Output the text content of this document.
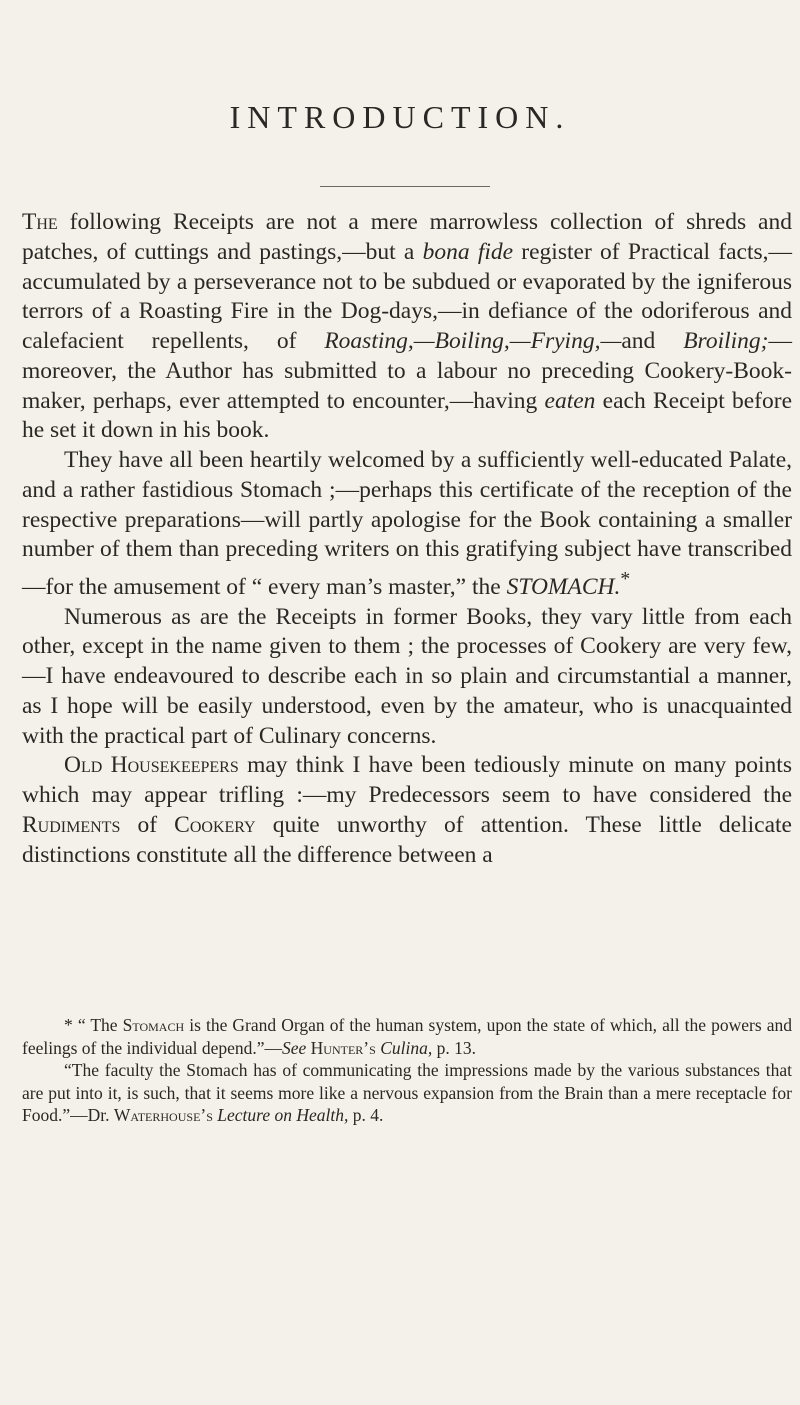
INTRODUCTION.

The following Receipts are not a mere marrowless collection of shreds and patches, of cuttings and pastings,—but a bona fide register of Practical facts,—accumulated by a perseverance not to be subdued or evaporated by the igniferous terrors of a Roasting Fire in the Dog-days,—in defiance of the odoriferous and calefacient repellents, of Roasting,—Boiling,—Frying,—and Broiling;—moreover, the Author has submitted to a labour no preceding Cookery-Book-maker, perhaps, ever attempted to encounter,—having eaten each Receipt before he set it down in his book.

They have all been heartily welcomed by a sufficiently well-educated Palate, and a rather fastidious Stomach ;—perhaps this certificate of the reception of the respective preparations—will partly apologise for the Book containing a smaller number of them than preceding writers on this gratifying subject have transcribed—for the amusement of “ every man’s master,” the STOMACH.*

Numerous as are the Receipts in former Books, they vary little from each other, except in the name given to them ; the processes of Cookery are very few,—I have endeavoured to describe each in so plain and circumstantial a manner, as I hope will be easily understood, even by the amateur, who is unacquainted with the practical part of Culinary concerns.

Old Housekeepers may think I have been tediously minute on many points which may appear trifling :—my Predecessors seem to have considered the Rudiments of Cookery quite unworthy of attention. These little delicate distinctions constitute all the difference between a

* “ The Stomach is the Grand Organ of the human system, upon the state of which, all the powers and feelings of the individual depend.”—See Hunter’s Culina, p. 13.

“The faculty the Stomach has of communicating the impressions made by the various substances that are put into it, is such, that it seems more like a nervous expansion from the Brain than a mere receptacle for Food.”—Dr. Waterhouse’s Lecture on Health, p. 4.
